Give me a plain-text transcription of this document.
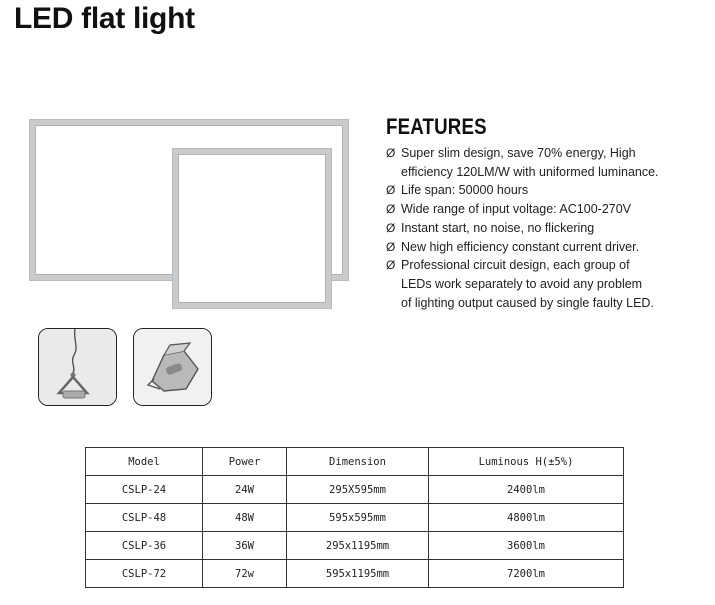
LED flat light
FEATURES
Ø Super slim design, save 70% energy, High
efficiency 120LM/W with uniformed luminance.
Ø Life span: 50000 hours
Ø Wide range of input voltage: AC100-270V
Ø Instant start, no noise, no flickering
Ø New high efficiency constant current driver.
Ø Professional circuit design, each group of
LEDs work separately to avoid any problem
of lighting output caused by single faulty LED.
Model	Power	Dimension	Luminous H(±5%)
CSLP-24	24W	295X595mm	2400lm
CSLP-48	48W	595x595mm	4800lm
CSLP-36	36W	295x1195mm	3600lm
CSLP-72	72w	595x1195mm	7200lm
